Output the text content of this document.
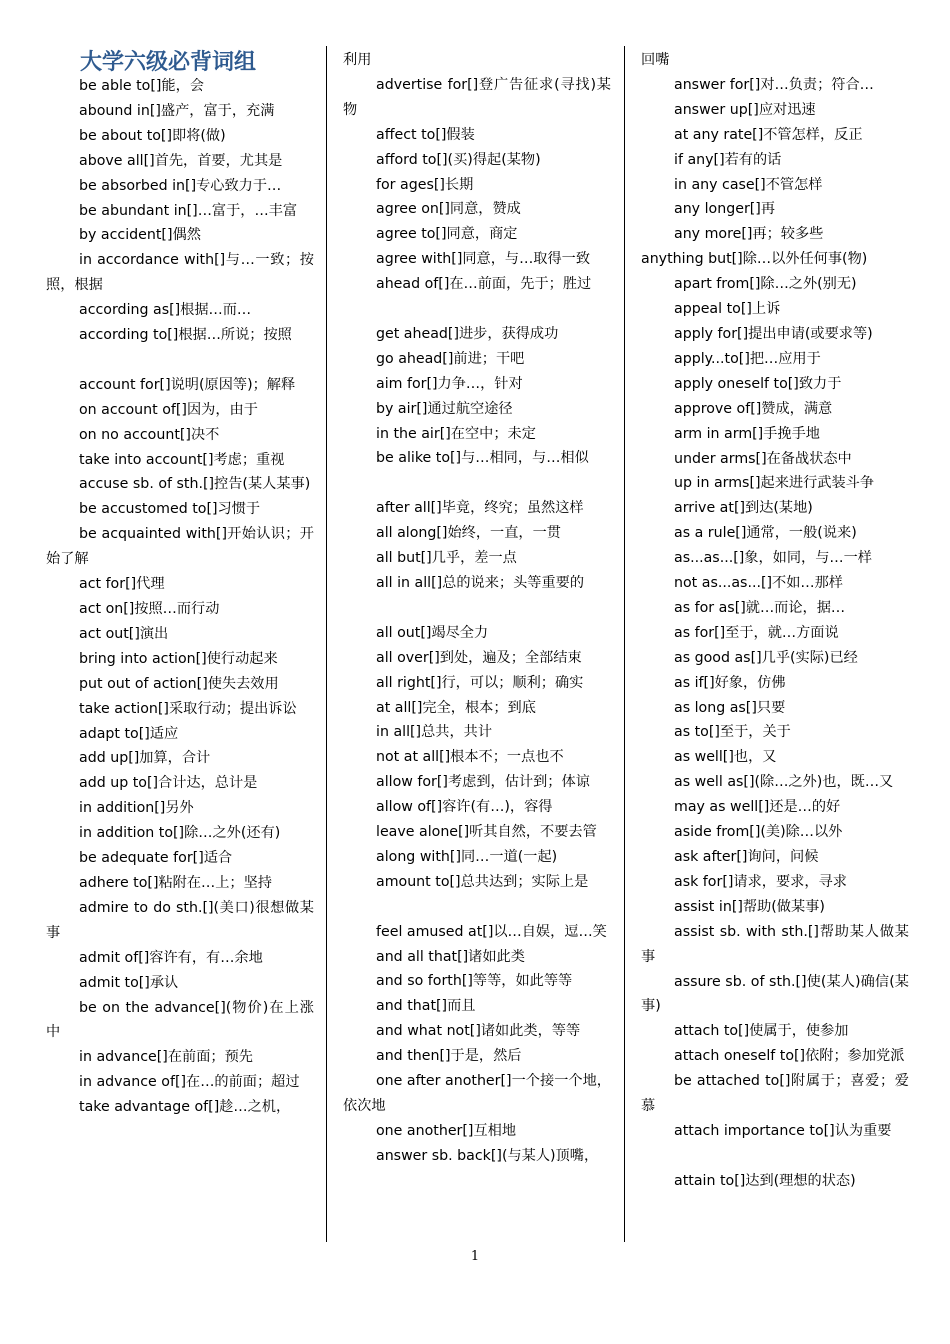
大学六级必背词组
be able to[]能，会
abound in[]盛产，富于，充满
be about to[]即将(做)
above all[]首先，首要，尤其是
be absorbed in[]专心致力于…
be abundant in[]…富于，…丰富
by accident[]偶然
in accordance with[]与…一致；按照，根据
according as[]根据…而…
according to[]根据…所说；按照
account for[]说明(原因等)；解释
on account of[]因为，由于
on no account[]决不
take into account[]考虑；重视
accuse sb. of sth.[]控告(某人某事)
be accustomed to[]习惯于
be acquainted with[]开始认识；开始了解
act for[]代理
act on[]按照…而行动
act out[]演出
bring into action[]使行动起来
put out of action[]使失去效用
take action[]采取行动；提出诉讼
adapt to[]适应
add up[]加算，合计
add up to[]合计达，总计是
in addition[]另外
in addition to[]除…之外(还有)
be adequate for[]适合
adhere to[]粘附在…上；坚持
admire to do sth.[](美口)很想做某事
admit of[]容许有，有…余地
admit to[]承认
be on the advance[](物价)在上涨中
in advance[]在前面；预先
in advance of[]在…的前面；超过
take advantage of[]趁…之机，
利用
advertise for[]登广告征求(寻找)某物
affect to[]假装
afford to[](买)得起(某物)
for ages[]长期
agree on[]同意，赞成
agree to[]同意，商定
agree with[]同意，与…取得一致
ahead of[]在…前面，先于；胜过
get ahead[]进步，获得成功
go ahead[]前进；干吧
aim for[]力争…，针对
by air[]通过航空途径
in the air[]在空中；未定
be alike to[]与…相同，与…相似
after all[]毕竟，终究；虽然这样
all along[]始终，一直，一贯
all but[]几乎，差一点
all in all[]总的说来；头等重要的
all out[]竭尽全力
all over[]到处，遍及；全部结束
all right[]行，可以；顺利；确实
at all[]完全，根本；到底
in all[]总共，共计
not at all[]根本不；一点也不
allow for[]考虑到，估计到；体谅
allow of[]容许(有…)，容得
leave alone[]听其自然，不要去管
along with[]同…一道(一起)
amount to[]总共达到；实际上是
feel amused at[]以…自娱，逗…笑
and all that[]诸如此类
and so forth[]等等，如此等等
and that[]而且
and what not[]诸如此类，等等
and then[]于是，然后
one after another[]一个接一个地，依次地
one another[]互相地
answer sb. back[](与某人)顶嘴，
回嘴
answer for[]对…负责；符合…
answer up[]应对迅速
at any rate[]不管怎样，反正
if any[]若有的话
in any case[]不管怎样
any longer[]再
any more[]再；较多些
anything but[]除…以外任何事(物)
apart from[]除…之外(别无)
appeal to[]上诉
apply for[]提出申请(或要求等)
apply...to[]把…应用于
apply oneself to[]致力于
approve of[]赞成，满意
arm in arm[]手挽手地
under arms[]在备战状态中
up in arms[]起来进行武装斗争
arrive at[]到达(某地)
as a rule[]通常，一般(说来)
as...as...[]象，如同，与…一样
not as...as...[]不如…那样
as for as[]就…而论，据…
as for[]至于，就…方面说
as good as[]几乎(实际)已经
as if[]好象，仿佛
as long as[]只要
as to[]至于，关于
as well[]也，又
as well as[](除…之外)也，既…又
may as well[]还是…的好
aside from[](美)除…以外
ask after[]询问，问候
ask for[]请求，要求，寻求
assist in[]帮助(做某事)
assist sb. with sth.[]帮助某人做某事
assure sb. of sth.[]使(某人)确信(某事)
attach to[]使属于，使参加
attach oneself to[]依附；参加党派
be attached to[]附属于；喜爱；爱慕
attach importance to[]认为重要
attain to[]达到(理想的状态)
1
